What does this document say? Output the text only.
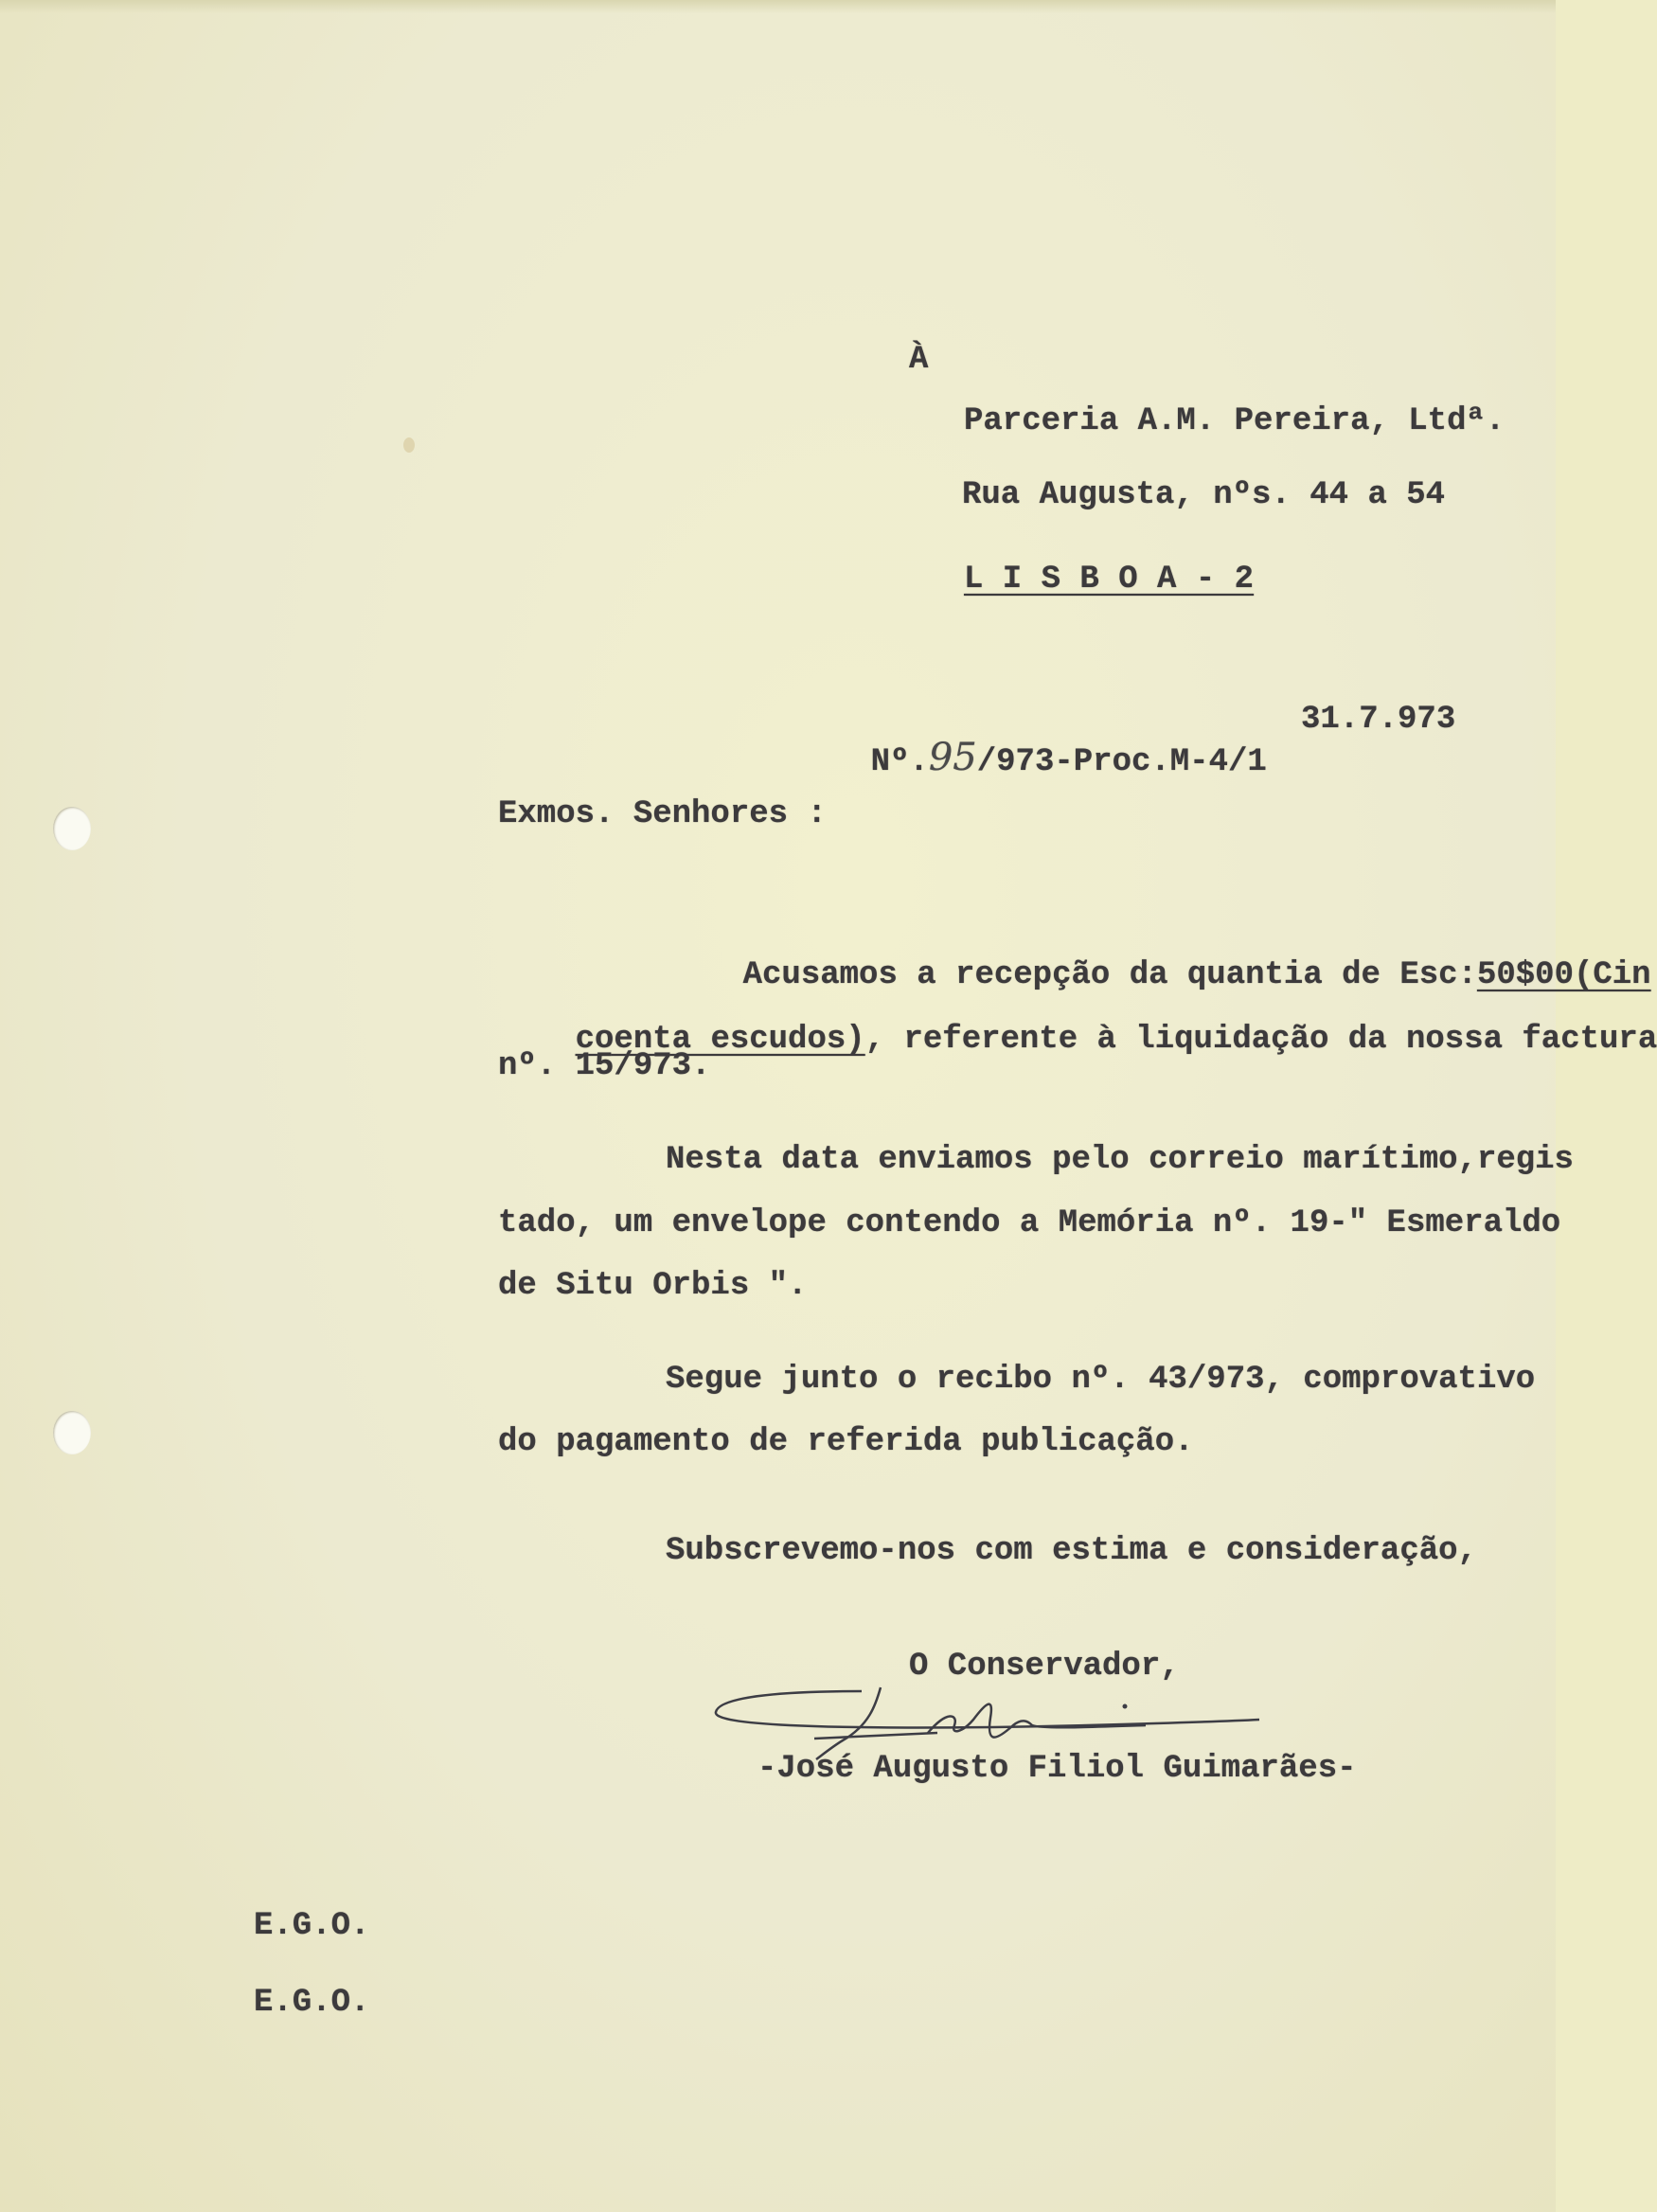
À
Parceria A.M. Pereira, Ltdª.
Rua Augusta, nºs. 44 a 54
L I S B O A - 2

Nº.95/973-Proc.M-4/1

31.7.973
Exmos. Senhores :

Acusamos a recepção da quantia de Esc:50$00(Cin

coenta escudos), referente à liquidação da nossa factura

nº. 15/973.
Nesta data enviamos pelo correio marítimo,regis
tado, um envelope contendo a Memória nº. 19-" Esmeraldo
de Situ Orbis ".
Segue junto o recibo nº. 43/973, comprovativo
do pagamento de referida publicação.
Subscrevemo-nos com estima e consideração,
O Conservador,
-José Augusto Filiol Guimarães-
E.G.O.
E.G.O.
